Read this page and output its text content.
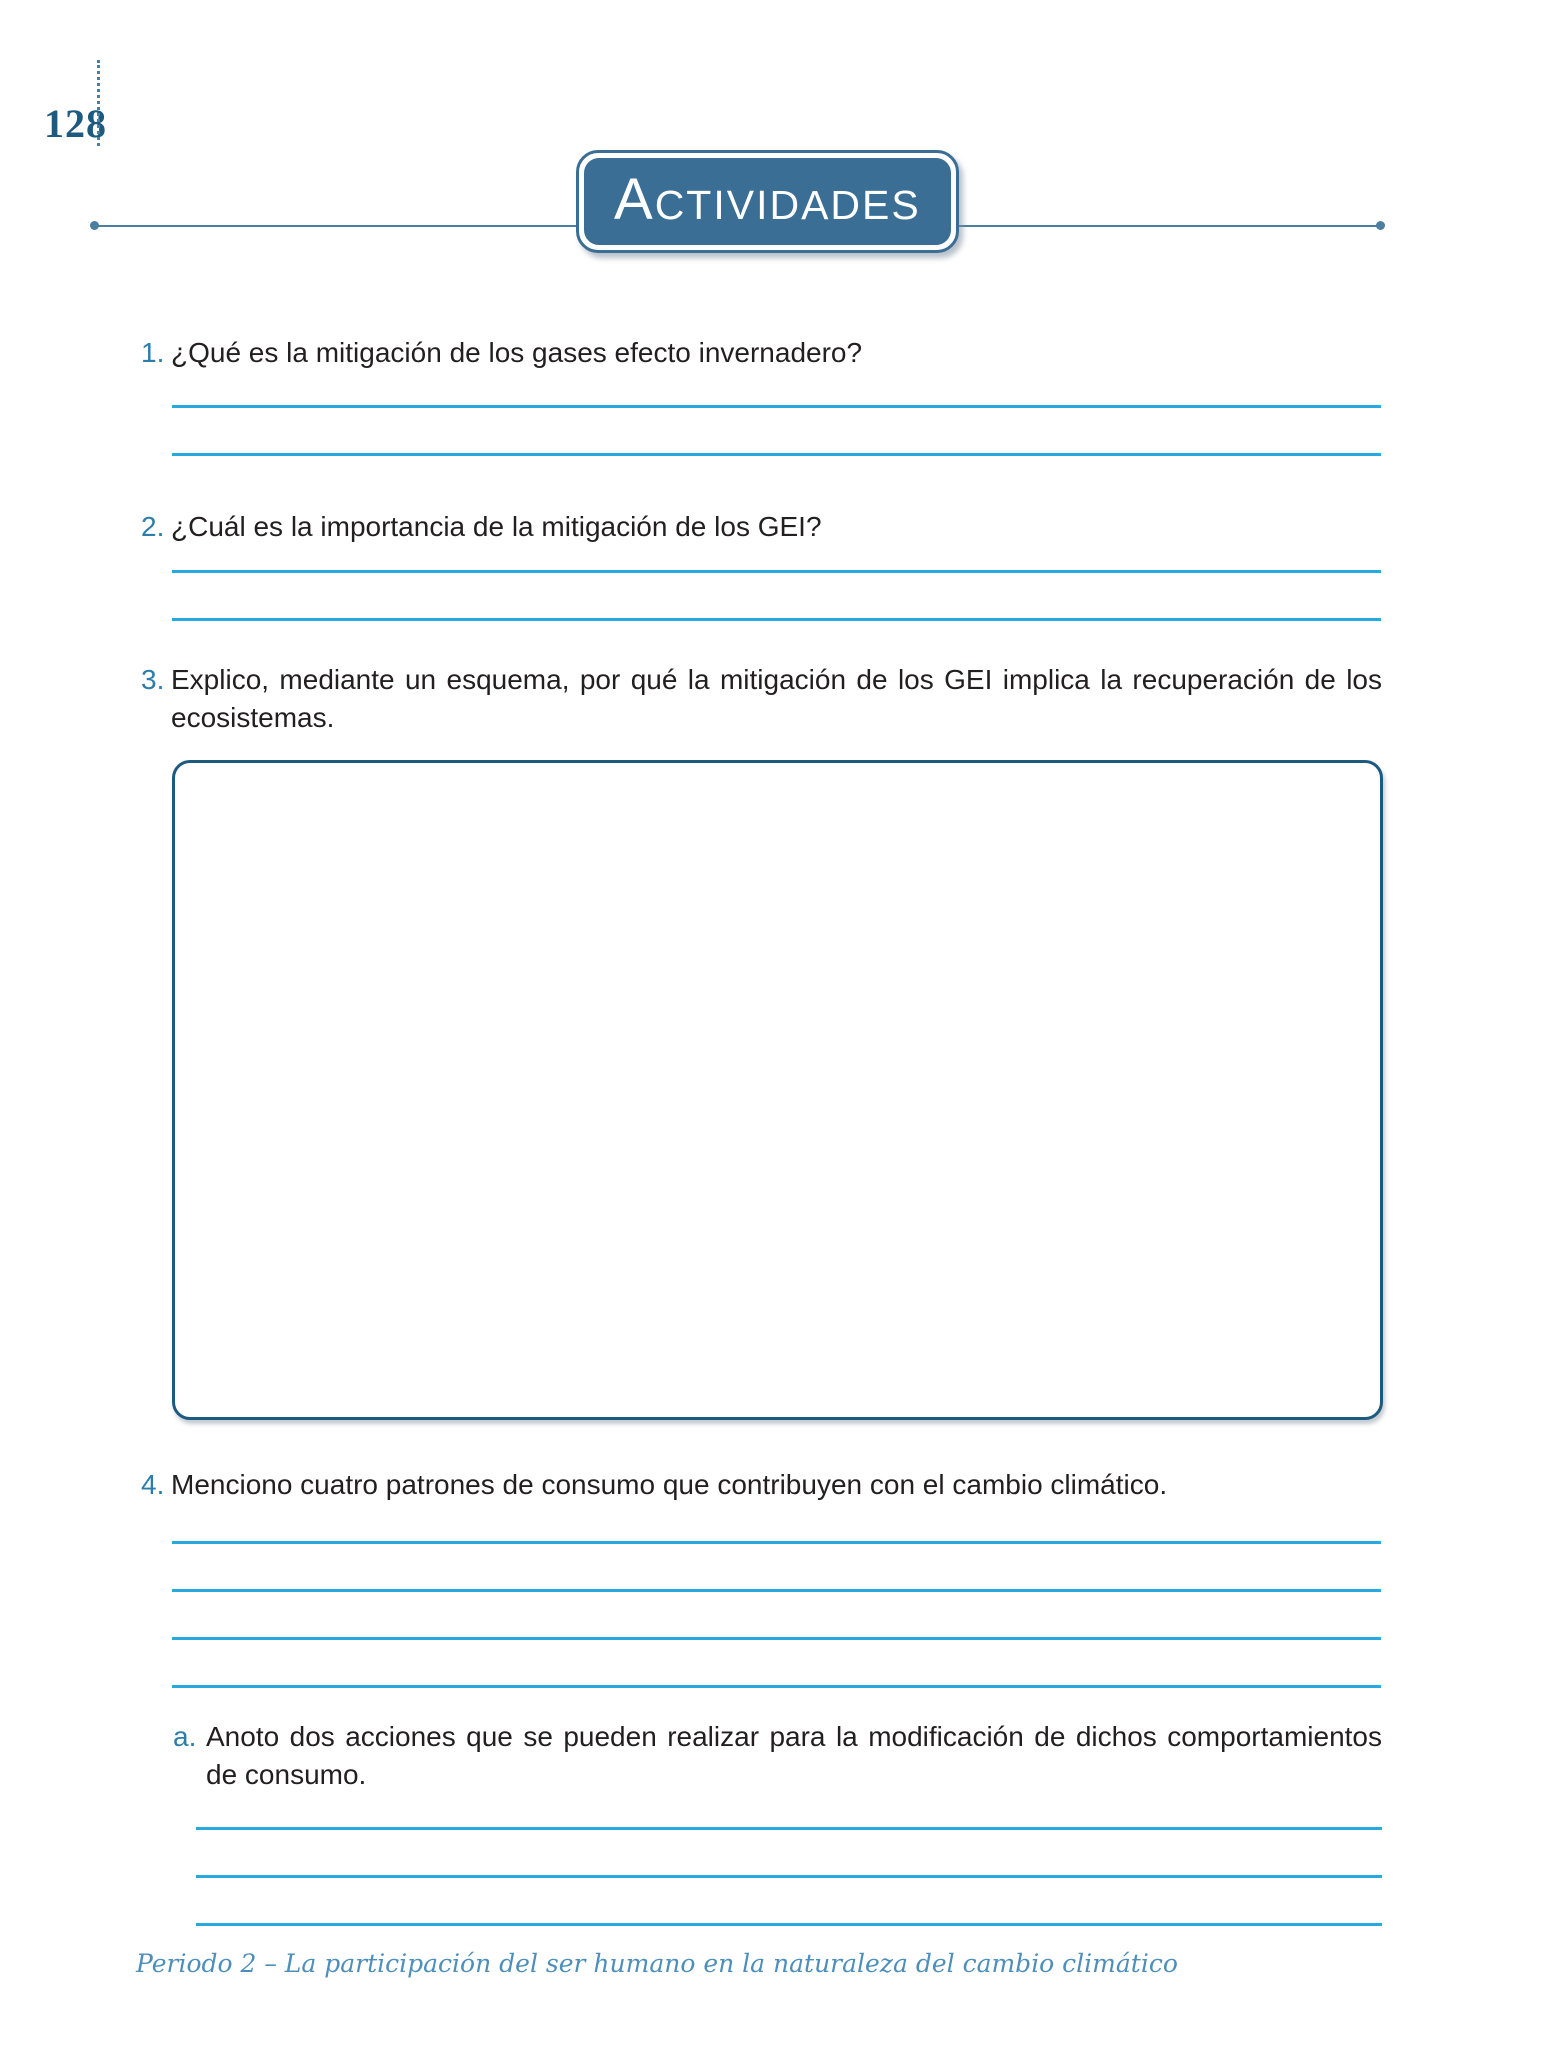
128
ACTIVIDADES
1. ¿Qué es la mitigación de los gases efecto invernadero?
2. ¿Cuál es la importancia de la mitigación de los GEI?
3. Explico, mediante un esquema, por qué la mitigación de los GEI implica la recuperación de los ecosistemas.
4. Menciono cuatro patrones de consumo que contribuyen con el cambio climático.
a. Anoto dos acciones que se pueden realizar para la modificación de dichos comportamientos de consumo.
Periodo 2 – La participación del ser humano en la naturaleza del cambio climático
